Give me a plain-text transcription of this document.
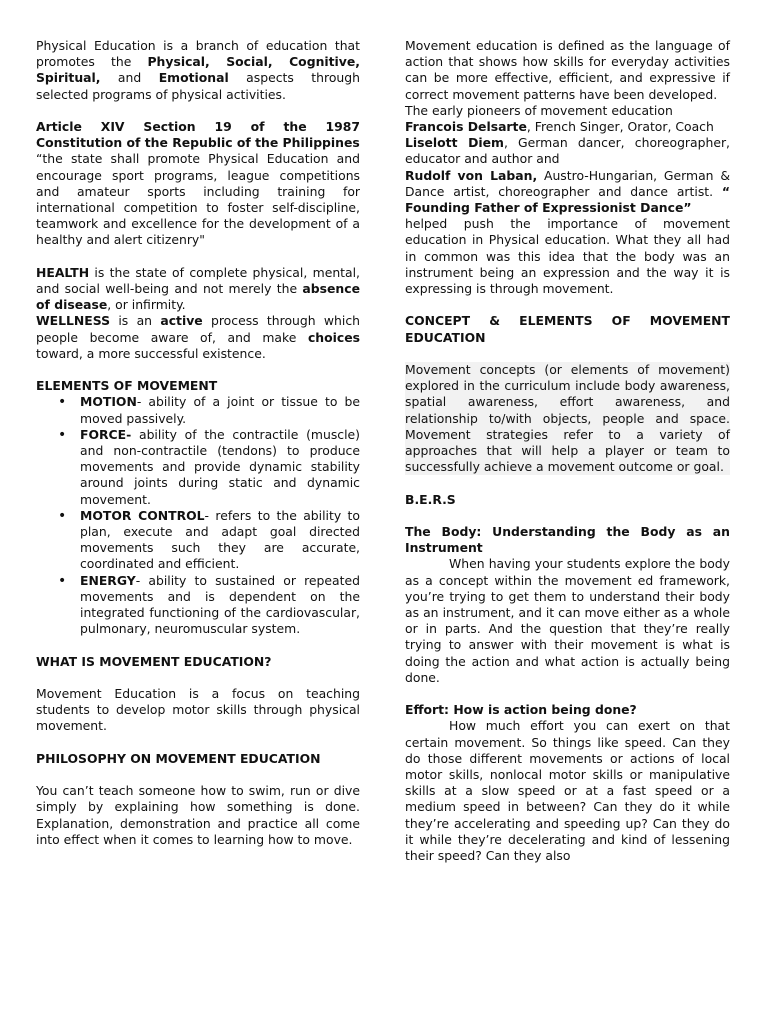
Physical Education is a branch of education that promotes the Physical, Social, Cognitive, Spiritual, and Emotional aspects through selected programs of physical activities.

Article XIV Section 19 of the 1987 Constitution of the Republic of the Philippines

“the state shall promote Physical Education and encourage sport programs, league competitions and amateur sports including training for international competition to foster self-discipline, teamwork and excellence for the development of a healthy and alert citizenry"

HEALTH is the state of complete physical, mental, and social well-being and not merely the absence of disease, or infirmity.

WELLNESS is an active process through which people become aware of, and make choices toward, a more successful existence.

ELEMENTS OF MOVEMENT

• MOTION- ability of a joint or tissue to be moved passively.
• FORCE- ability of the contractile (muscle) and non-contractile (tendons) to produce movements and provide dynamic stability around joints during static and dynamic movement.
• MOTOR CONTROL- refers to the ability to plan, execute and adapt goal directed movements such they are accurate, coordinated and efficient.
• ENERGY- ability to sustained or repeated movements and is dependent on the integrated functioning of the cardiovascular, pulmonary, neuromuscular system.

WHAT IS MOVEMENT EDUCATION?

Movement Education is a focus on teaching students to develop motor skills through physical movement.

PHILOSOPHY ON MOVEMENT EDUCATION

You can’t teach someone how to swim, run or dive simply by explaining how something is done. Explanation, demonstration and practice all come into effect when it comes to learning how to move.

Movement education is defined as the language of action that shows how skills for everyday activities can be more effective, efficient, and expressive if correct movement patterns have been developed.

The early pioneers of movement education

Francois Delsarte, French Singer, Orator, Coach

Liselott Diem, German dancer, choreographer, educator and author and

Rudolf von Laban, Austro-Hungarian, German & Dance artist, choreographer and dance artist. “ Founding Father of Expressionist Dance”

helped push the importance of movement education in Physical education. What they all had in common was this idea that the body was an instrument being an expression and the way it is expressing is through movement.

CONCEPT & ELEMENTS OF MOVEMENT EDUCATION

Movement concepts (or elements of movement) explored in the curriculum include body awareness, spatial awareness, effort awareness, and relationship to/with objects, people and space. Movement strategies refer to a variety of approaches that will help a player or team to successfully achieve a movement outcome or goal.

B.E.R.S

The Body: Understanding the Body as an Instrument

When having your students explore the body as a concept within the movement ed framework, you’re trying to get them to understand their body as an instrument, and it can move either as a whole or in parts. And the question that they’re really trying to answer with their movement is what is doing the action and what action is actually being done.

Effort: How is action being done?

How much effort you can exert on that certain movement. So things like speed. Can they do those different movements or actions of local motor skills, nonlocal motor skills or manipulative skills at a slow speed or at a fast speed or a medium speed in between? Can they do it while they’re accelerating and speeding up? Can they do it while they’re decelerating and kind of lessening their speed? Can they also
